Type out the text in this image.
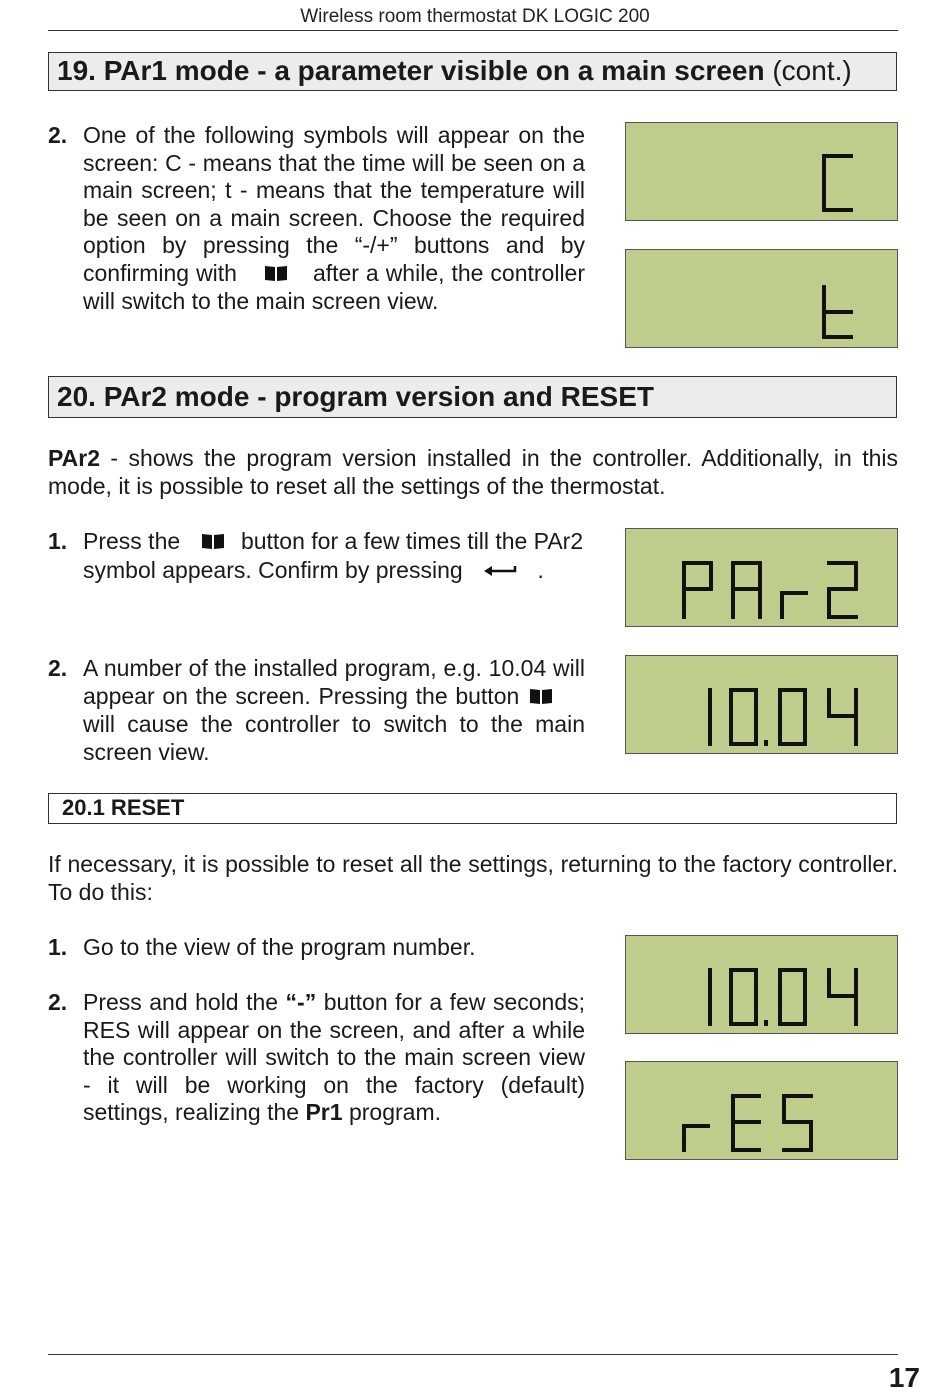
Wireless room thermostat DK LOGIC 200
19. PAr1 mode - a parameter visible on a main screen (cont.)
2. One of the following symbols will appear on the screen: C - means that the time will be seen on a main screen; t - means that the temperature will be seen on a main screen. Choose the required option by pressing the “-/+” buttons and by confirming with	after a while, the controller will switch to the main screen view.
20. PAr2 mode - program version and RESET
PAr2 - shows the program version installed in the controller. Additionally, in this mode, it is possible to reset all the settings of the thermostat.
1. Press the	button for a few times till the PAr2 symbol appears. Confirm by pressing	.
2. A number of the installed program, e.g. 10.04 will appear on the screen. Pressing the button  will cause the controller to switch to the main screen view.
20.1 RESET
If necessary, it is possible to reset all the settings, returning to the factory controller. To do this:
1. Go to the view of the program number.
2. Press and hold the “-” button for a few seconds; RES will appear on the screen, and after a while the controller will switch to the main screen view - it will be working on the factory (default) settings, realizing the Pr1 program.
17
